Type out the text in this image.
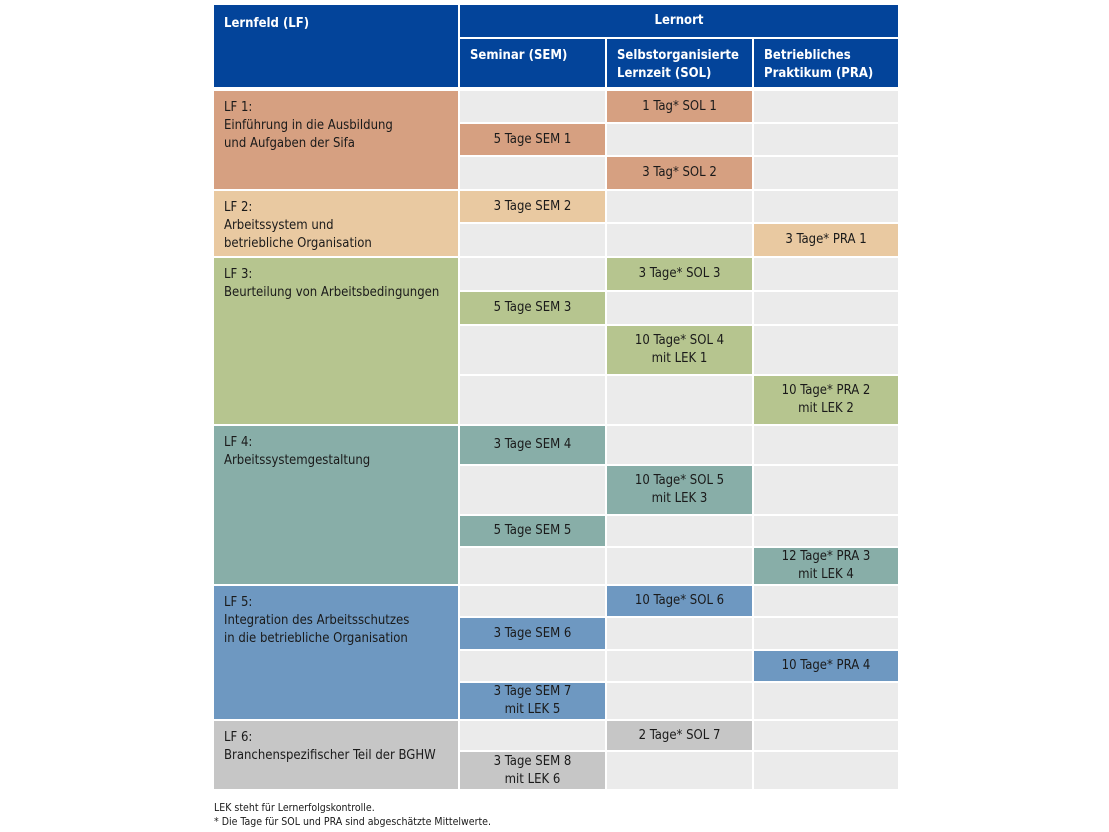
Lernfeld (LF)	Lernort
Seminar (SEM)	Selbstorganisierte
Lernzeit (SOL)
Betriebliches
Praktikum (PRA)
LF 1:
Einführung in die Ausbildung
und Aufgaben der Sifa
LF 2:
Arbeitssystem und
betriebliche Organisation
LF 3:
Beurteilung von Arbeitsbedingungen
LF 4:
Arbeitssystemgestaltung
LF 5:
Integration des Arbeitsschutzes
in die betriebliche Organisation
LF 6:
Branchenspezifischer Teil der BGHW
1 Tag* SOL 1
5 Tage SEM 1
3 Tag* SOL 2
3 Tage SEM 2
3 Tage* PRA 1
3 Tage* SOL 3
5 Tage SEM 3
10 Tage* SOL 4
mit LEK 1
10 Tage* PRA 2
mit LEK 2
3 Tage SEM 4
10 Tage* SOL 5
mit LEK 3
5 Tage SEM 5
12 Tage* PRA 3
mit LEK 4
10 Tage* SOL 6
3 Tage SEM 6
10 Tage* PRA 4
3 Tage SEM 7
mit LEK 5
2 Tage* SOL 7
3 Tage SEM 8
mit LEK 6
LEK steht für Lernerfolgskontrolle.
* Die Tage für SOL und PRA sind abgeschätzte Mittelwerte.
